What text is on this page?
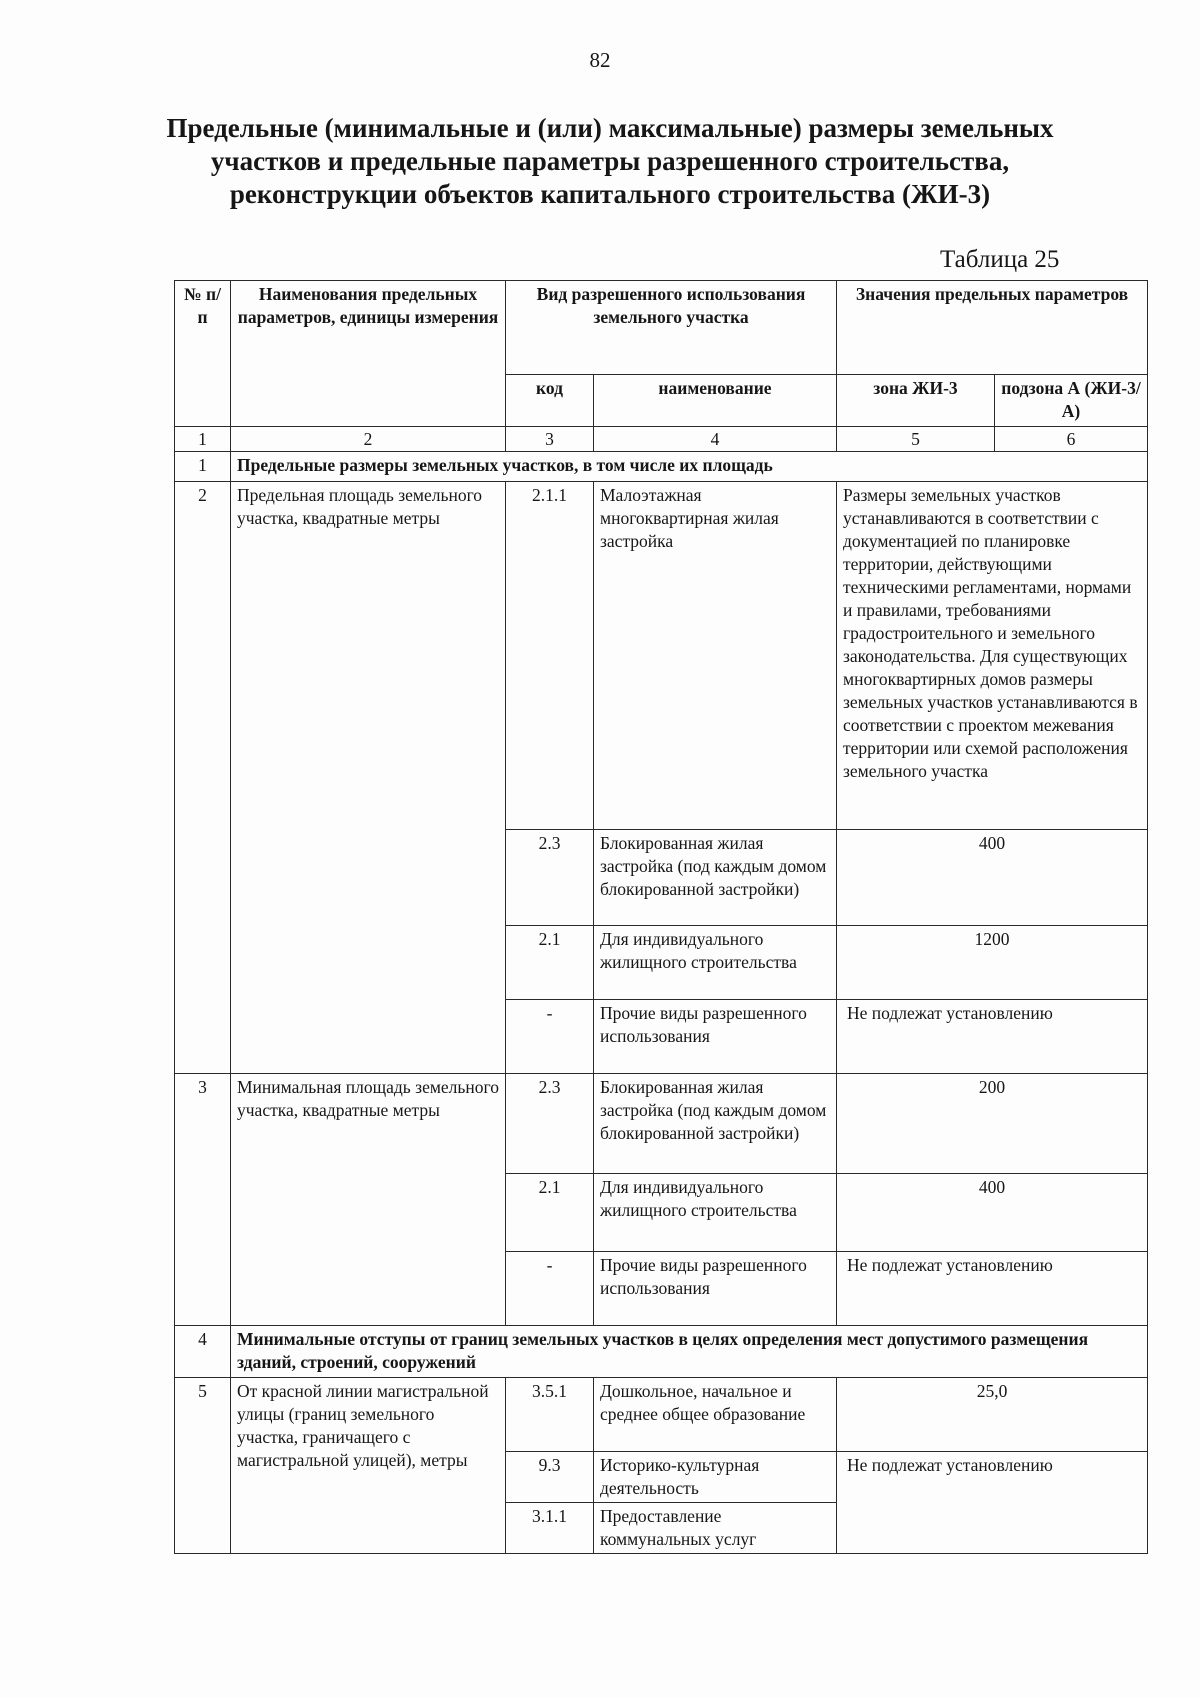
82
Предельные (минимальные и (или) максимальные) размеры земельных
участков и предельные параметры разрешенного строительства,
реконструкции объектов капитального строительства (ЖИ-3)
Таблица 25
№ п/п	Наименования предельных параметров, единицы измерения	Вид разрешенного использования земельного участка		Значения предельных параметров	
		код	наименование	зона ЖИ-3	подзона А (ЖИ-3/А)
1	2	3	4	5	6
1	Предельные размеры земельных участков, в том числе их площадь				
2	Предельная площадь земельного участка, квадратные метры	2.1.1	Малоэтажная многоквартирная жилая застройка	Размеры земельных участков устанавливаются в соответствии с документацией по планировке территории, действующими техническими регламентами, нормами и правилами, требованиями градостроительного и земельного законодательства. Для существующих многоквартирных домов размеры земельных участков устанавливаются в соответствии с проектом межевания территории или схемой расположения земельного участка	
		2.3	Блокированная жилая застройка (под каждым домом блокированной застройки)	400	
		2.1	Для индивидуального жилищного строительства	1200	
		-	Прочие виды разрешенного использования	Не подлежат установлению	
3	Минимальная площадь земельного участка, квадратные метры	2.3	Блокированная жилая застройка (под каждым домом блокированной застройки)	200	
		2.1	Для индивидуального жилищного строительства	400	
		-	Прочие виды разрешенного использования	Не подлежат установлению	
4	Минимальные отступы от границ земельных участков в целях определения мест допустимого размещения зданий, строений, сооружений				
5	От красной линии магистральной улицы (границ земельного участка, граничащего с магистральной улицей), метры	3.5.1	Дошкольное, начальное и среднее общее образование	25,0	
		9.3	Историко-культурная деятельность	Не подлежат установлению	
		3.1.1	Предоставление коммунальных услуг		
